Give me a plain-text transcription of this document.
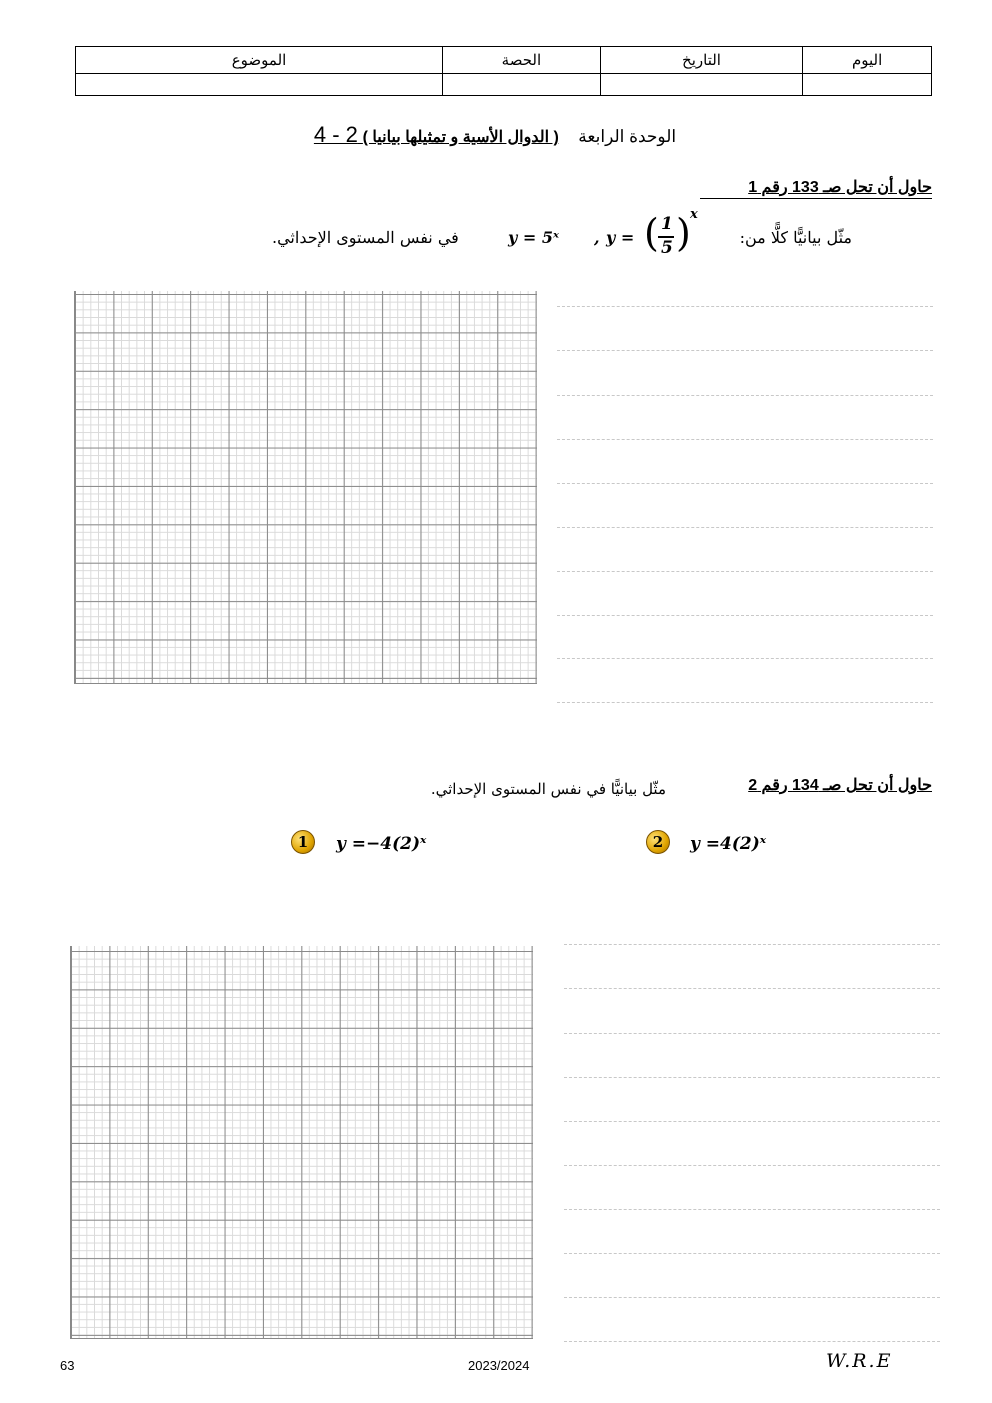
الموضوع	الحصة	التاريخ	اليوم

الوحدة الرابعة  ( الدوال الأسية و تمثيلها بيانيا ) 4 - 2
حاول أن تحل صـ 133 رقم 1
في نفس المستوى الإحداثي.	y = 5ˣ , y = ( 1
5 ) x
مثّل بيانيًّا كلًّا من:
حاول أن تحل صـ 134 رقم 2
مثّل بيانيًّا في نفس المستوى الإحداثي.
1	y =−4(2)ˣ	2	y =4(2)ˣ
63	2023/2024	W.R.E
